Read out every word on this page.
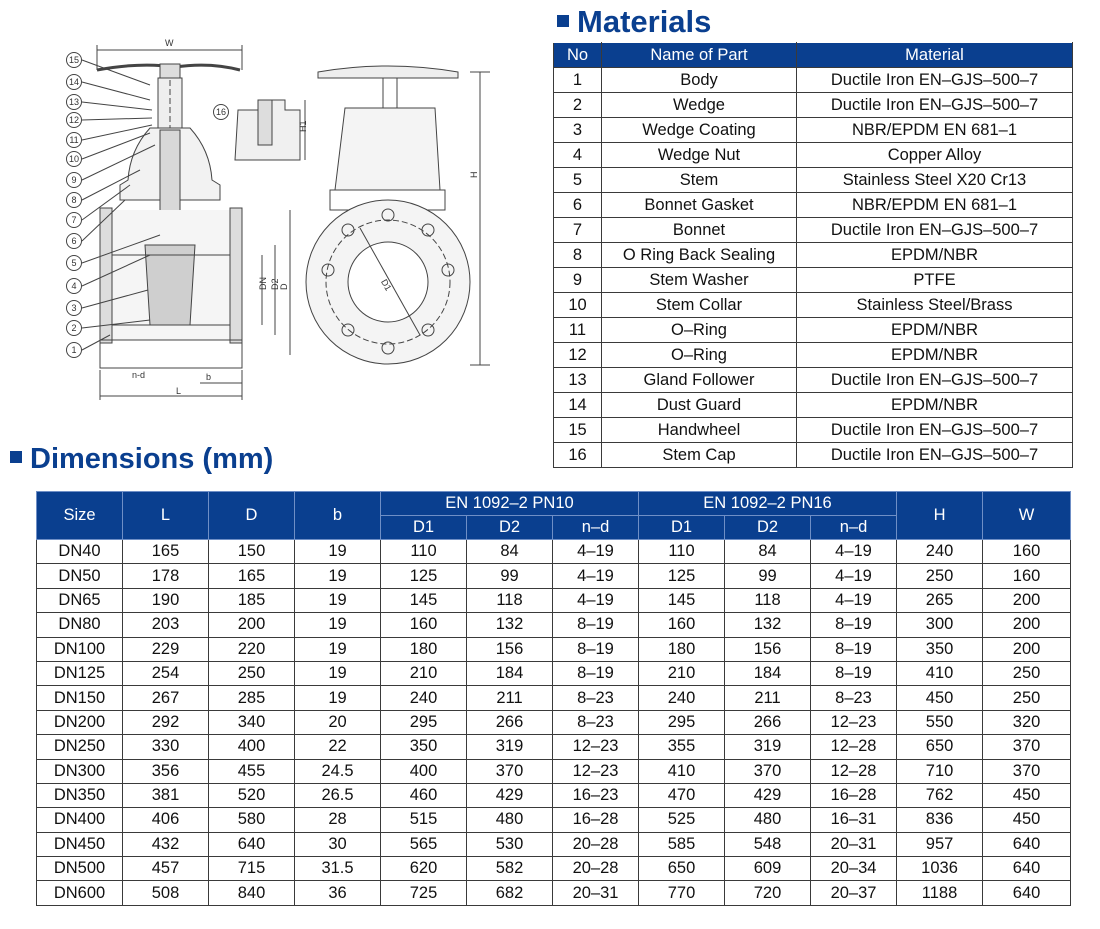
15
14
13
12
11
10
9
8
7
6
5
4
3
2
1
16
W
L
b
n-d
DN D2 D
H1
H
D1
Materials
No	Name of Part	Material
1	Body	Ductile Iron EN–GJS–500–7
2	Wedge	Ductile Iron EN–GJS–500–7
3	Wedge Coating	NBR/EPDM EN 681–1
4	Wedge Nut	Copper Alloy
5	Stem	Stainless Steel X20 Cr13
6	Bonnet Gasket	NBR/EPDM EN 681–1
7	Bonnet	Ductile Iron EN–GJS–500–7
8	O Ring Back Sealing	EPDM/NBR
9	Stem Washer	PTFE
10	Stem Collar	Stainless Steel/Brass
11	O–Ring	EPDM/NBR
12	O–Ring	EPDM/NBR
13	Gland Follower	Ductile Iron EN–GJS–500–7
14	Dust Guard	EPDM/NBR
15	Handwheel	Ductile Iron EN–GJS–500–7
16	Stem Cap	Ductile Iron EN–GJS–500–7
Dimensions (mm)
Size	L	D	b	EN 1092–2 PN10			EN 1092–2 PN16			H	W
				D1	D2	n–d	D1	D2	n–d		
DN40	165	150	19	110	84	4–19	110	84	4–19	240	160
DN50	178	165	19	125	99	4–19	125	99	4–19	250	160
DN65	190	185	19	145	118	4–19	145	118	4–19	265	200
DN80	203	200	19	160	132	8–19	160	132	8–19	300	200
DN100	229	220	19	180	156	8–19	180	156	8–19	350	200
DN125	254	250	19	210	184	8–19	210	184	8–19	410	250
DN150	267	285	19	240	211	8–23	240	211	8–23	450	250
DN200	292	340	20	295	266	8–23	295	266	12–23	550	320
DN250	330	400	22	350	319	12–23	355	319	12–28	650	370
DN300	356	455	24.5	400	370	12–23	410	370	12–28	710	370
DN350	381	520	26.5	460	429	16–23	470	429	16–28	762	450
DN400	406	580	28	515	480	16–28	525	480	16–31	836	450
DN450	432	640	30	565	530	20–28	585	548	20–31	957	640
DN500	457	715	31.5	620	582	20–28	650	609	20–34	1036	640
DN600	508	840	36	725	682	20–31	770	720	20–37	1188	640
